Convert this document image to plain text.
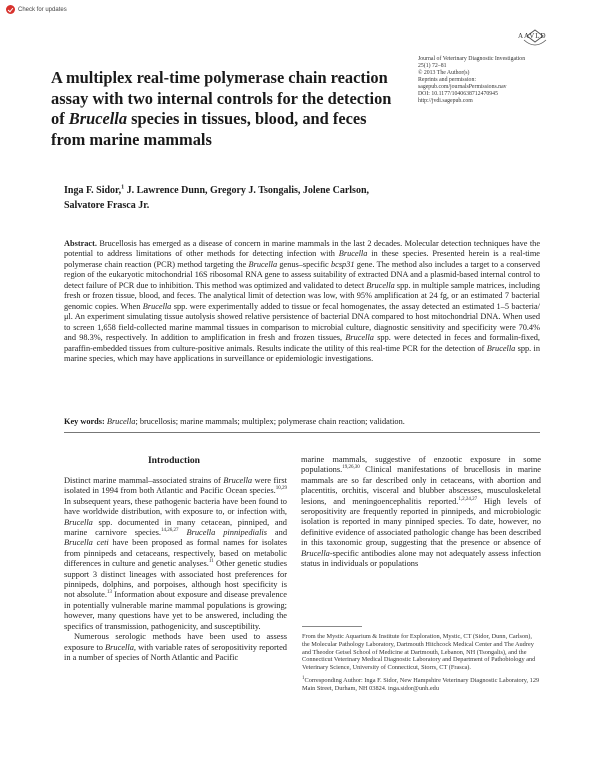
Check for updates
AAVLD
Journal of Veterinary Diagnostic Investigation
25(1) 72–81
© 2013 The Author(s)
Reprints and permission:
sagepub.com/journalsPermissions.nav
DOI: 10.1177/1040638712470945
http://jvdi.sagepub.com
A multiplex real-time polymerase chain reaction assay with two internal controls for the detection of Brucella species in tissues, blood, and feces from marine mammals
Inga F. Sidor,$^1$ J. Lawrence Dunn, Gregory J. Tsongalis, Jolene Carlson, Salvatore Frasca Jr.
Abstract. Brucellosis has emerged as a disease of concern in marine mammals in the last 2 decades. Molecular detection techniques have the potential to address limitations of other methods for detecting infection with Brucella in these species. Presented herein is a real-time polymerase chain reaction (PCR) method targeting the Brucella genus–specific bcsp31 gene. The method also includes a target to a conserved region of the eukaryotic mitochondrial 16S ribosomal RNA gene to assess suitability of extracted DNA and a plasmid-based internal control to detect failure of PCR due to inhibition. This method was optimized and validated to detect Brucella spp. in multiple sample matrices, including fresh or frozen tissue, blood, and feces. The analytical limit of detection was low, with 95% amplification at 24 fg, or an estimated 7 bacterial genomic copies. When Brucella spp. were experimentally added to tissue or fecal homogenates, the assay detected an estimated 1–5 bacteria/μl. An experiment simulating tissue autolysis showed relative persistence of bacterial DNA compared to host mitochondrial DNA. When used to screen 1,658 field-collected marine mammal tissues in comparison to microbial culture, diagnostic sensitivity and specificity were 70.4% and 98.3%, respectively. In addition to amplification in fresh and frozen tissues, Brucella spp. were detected in feces and formalin-fixed, paraffin-embedded tissues from culture-positive animals. Results indicate the utility of this real-time PCR for the detection of Brucella spp. in marine species, which may have applications in surveillance or epidemiologic investigations.
Key words: Brucella; brucellosis; marine mammals; multiplex; polymerase chain reaction; validation.
Introduction

Distinct marine mammal–associated strains of Brucella were first isolated in 1994 from both Atlantic and Pacific Ocean species.$^{10,29}$ In subsequent years, these pathogenic bacteria have been found to have worldwide distribution, with exposure to, or infection with, Brucella spp. documented in many cetacean, pinniped, and marine carnivore species.$^{14,26,27}$ Brucella pinnipedialis and Brucella ceti have been proposed as formal names for isolates from pinnipeds and cetaceans, respectively, based on metabolic differences in culture and genetic analyses.$^{11}$ Other genetic studies support 3 distinct lineages with associated host preferences for pinnipeds, dolphins, and porpoises, although host specificity is not absolute.$^{13}$ Information about exposure and disease prevalence in potentially vulnerable marine mammal populations is growing; however, many questions have yet to be answered, including the specifics of transmission, pathogenicity, and susceptibility.

Numerous serologic methods have been used to assess exposure to Brucella, with variable rates of seropositivity reported in a number of species of North Atlantic and Pacific

marine mammals, suggestive of enzootic exposure in some populations.$^{19,26,30}$ Clinical manifestations of brucellosis in marine mammals are so far described only in cetaceans, with abortion and placentitis, orchitis, visceral and blubber abscesses, musculoskeletal lesions, and meningoencephalitis reported.$^{1,2,24,27}$ High levels of seropositivity are frequently reported in pinnipeds, and microbiologic isolation is reported in many pinniped species. To date, however, no definitive evidence of associated pathologic change has been described in this taxonomic group, suggesting that the presence or absence of Brucella-specific antibodies alone may not adequately assess infection status in individuals or populations

From the Mystic Aquarium & Institute for Exploration, Mystic, CT (Sidor, Dunn, Carlson), the Molecular Pathology Laboratory, Dartmouth Hitchcock Medical Center and The Audrey and Theodor Geisel School of Medicine at Dartmouth, Lebanon, NH (Tsongalis), and the Connecticut Veterinary Medical Diagnostic Laboratory and Department of Pathobiology and Veterinary Science, University of Connecticut, Storrs, CT (Frasca).

$^1$Corresponding Author: Inga F. Sidor, New Hampshire Veterinary Diagnostic Laboratory, 129 Main Street, Durham, NH 03824. inga.sidor@unh.edu
